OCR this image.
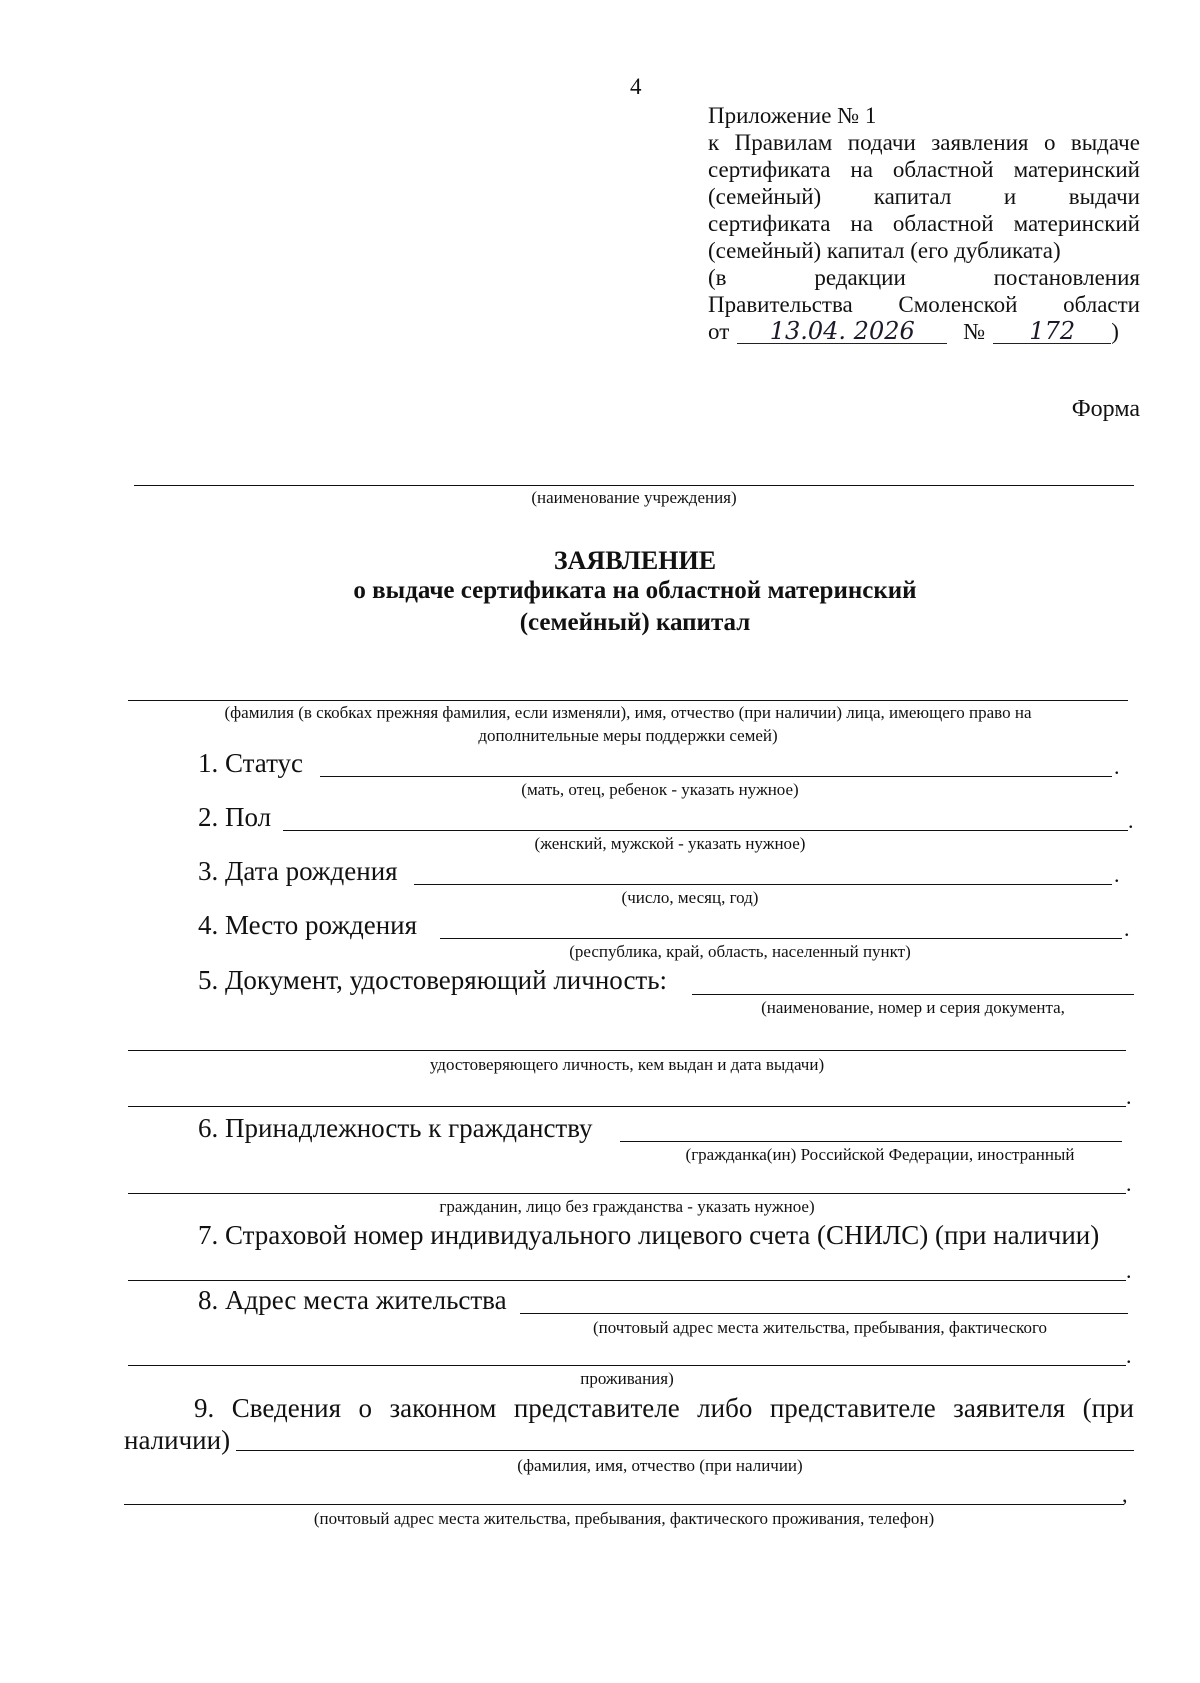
4
Приложение № 1
к Правилам подачи заявления о выдаче
сертификата на областной материнский
(семейный) капитал и выдачи
сертификата на областной материнский
(семейный) капитал (его дубликата)
(в	редакции	постановления
Правительства Смоленской области
от	13.04. 2026	№	172	)
Форма
(наименование учреждения)
ЗАЯВЛЕНИЕ
о выдаче сертификата на областной материнский
(семейный) капитал
(фамилия (в скобках прежняя фамилия, если изменяли), имя, отчество (при наличии) лица, имеющего право на
дополнительные меры поддержки семей)
1. Статус	.
(мать, отец, ребенок - указать нужное)
2. Пол	.
(женский, мужской - указать нужное)
3. Дата рождения	.
(число, месяц, год)
4. Место рождения	.
(республика, край, область, населенный пункт)
5. Документ, удостоверяющий личность:
(наименование, номер и серия документа,
удостоверяющего личность, кем выдан и дата выдачи)
.
6. Принадлежность к гражданству
(гражданка(ин) Российской Федерации, иностранный
.
гражданин, лицо без гражданства - указать нужное)
7. Страховой номер индивидуального лицевого счета (СНИЛС) (при наличии)
.
8. Адрес места жительства
(почтовый адрес места жительства, пребывания, фактического
.
проживания)
9. Сведения о законном представителе либо представителе заявителя (при наличии)
(фамилия, имя, отчество (при наличии)
,
(почтовый адрес места жительства, пребывания, фактического проживания, телефон)
